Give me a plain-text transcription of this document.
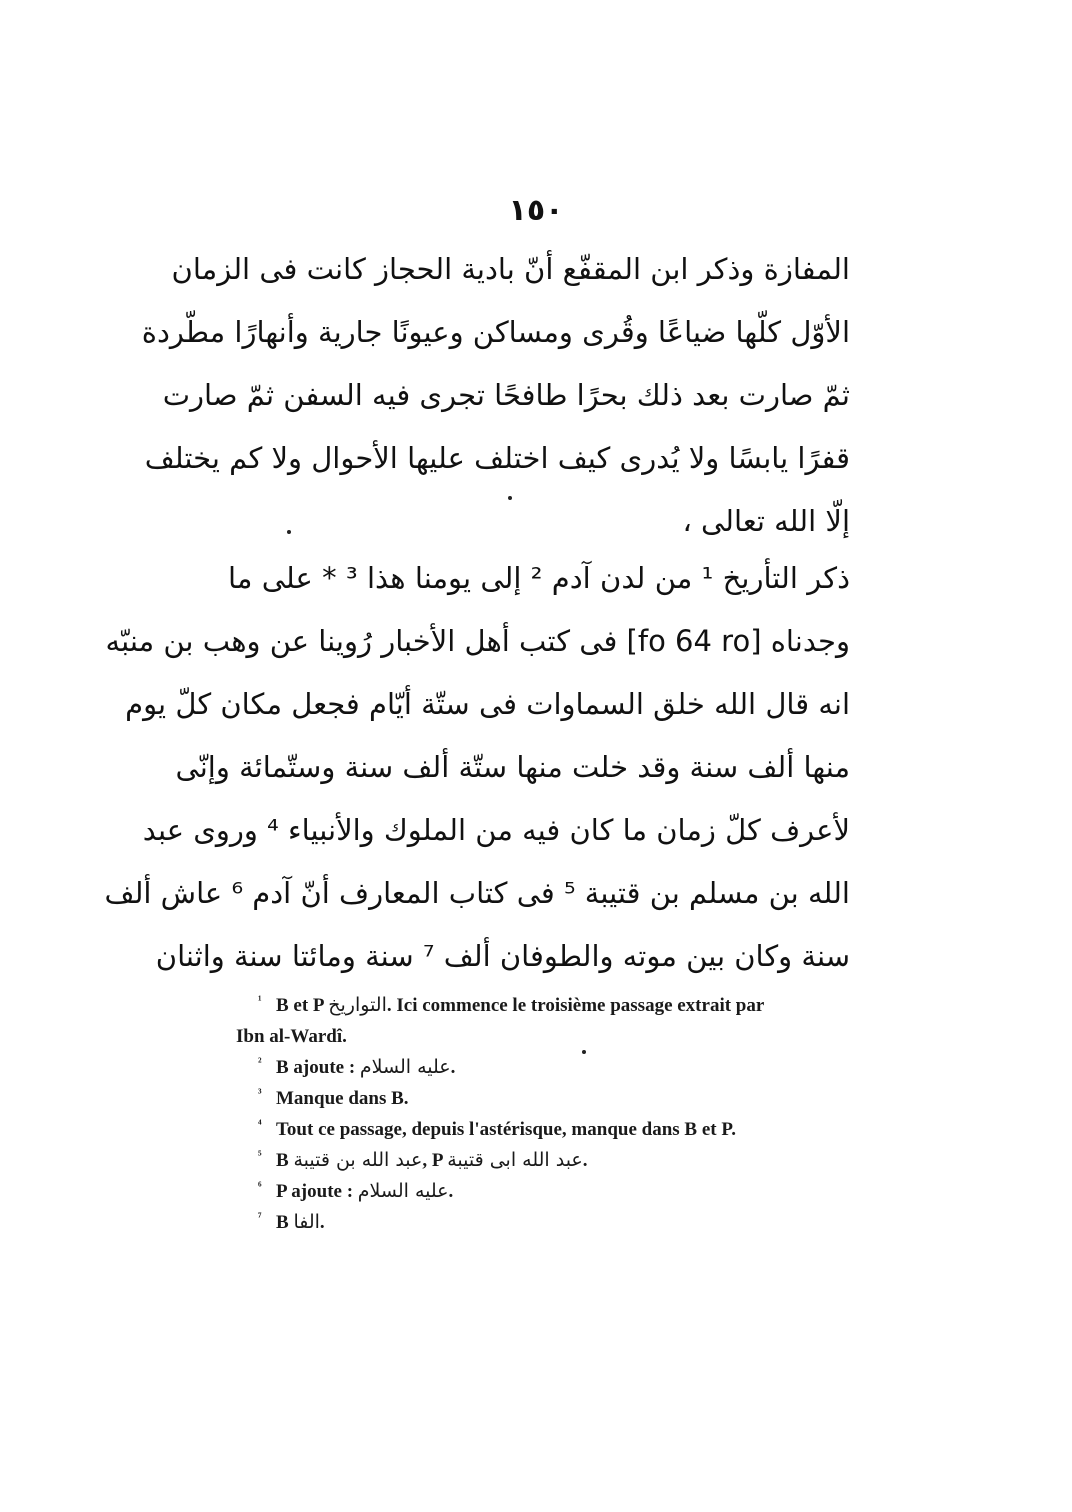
١٥٠
المفازة وذكر ابن المقفّع أنّ بادية الحجاز كانت فى الزمان
الأوّل كلّها ضياعًا وقُرى ومساكن وعيونًا جارية وأنهارًا مطّردة
ثمّ صارت بعد ذلك بحرًا طافحًا تجرى فيه السفن ثمّ صارت
قفرًا يابسًا ولا يُدرى كيف اختلف عليها الأحوال ولا كم يختلف
إلّا الله تعالى ،
ذكر التأريخ ¹ من لدن آدم ² إلى يومنا هذا ³ * على ما
وجدناه [fo 64 ro] فى كتب أهل الأخبار رُوينا عن وهب بن منبّه
انه قال الله خلق السماوات فى ستّة أيّام فجعل مكان كلّ يوم
منها ألف سنة وقد خلت منها ستّة ألف سنة وستّمائة وإنّى
لأعرف كلّ زمان ما كان فيه من الملوك والأنبياء ⁴ وروى عبد
الله بن مسلم بن قتيبة ⁵ فى كتاب المعارف أنّ آدم ⁶ عاش ألف
سنة وكان بين موته والطوفان ألف ⁷ سنة ومائتا سنة واثنان
¹ B et P التواريخ. Ici commence le troisième passage extrait par
Ibn al-Wardî.
² B ajoute : عليه السلام.
³ Manque dans B.
⁴ Tout ce passage, depuis l'astérisque, manque dans B et P.
⁵ B عبد الله بن قتيبة, P عبد الله ابى قتيبة.
⁶ P ajoute : عليه السلام.
⁷ B الفا.
